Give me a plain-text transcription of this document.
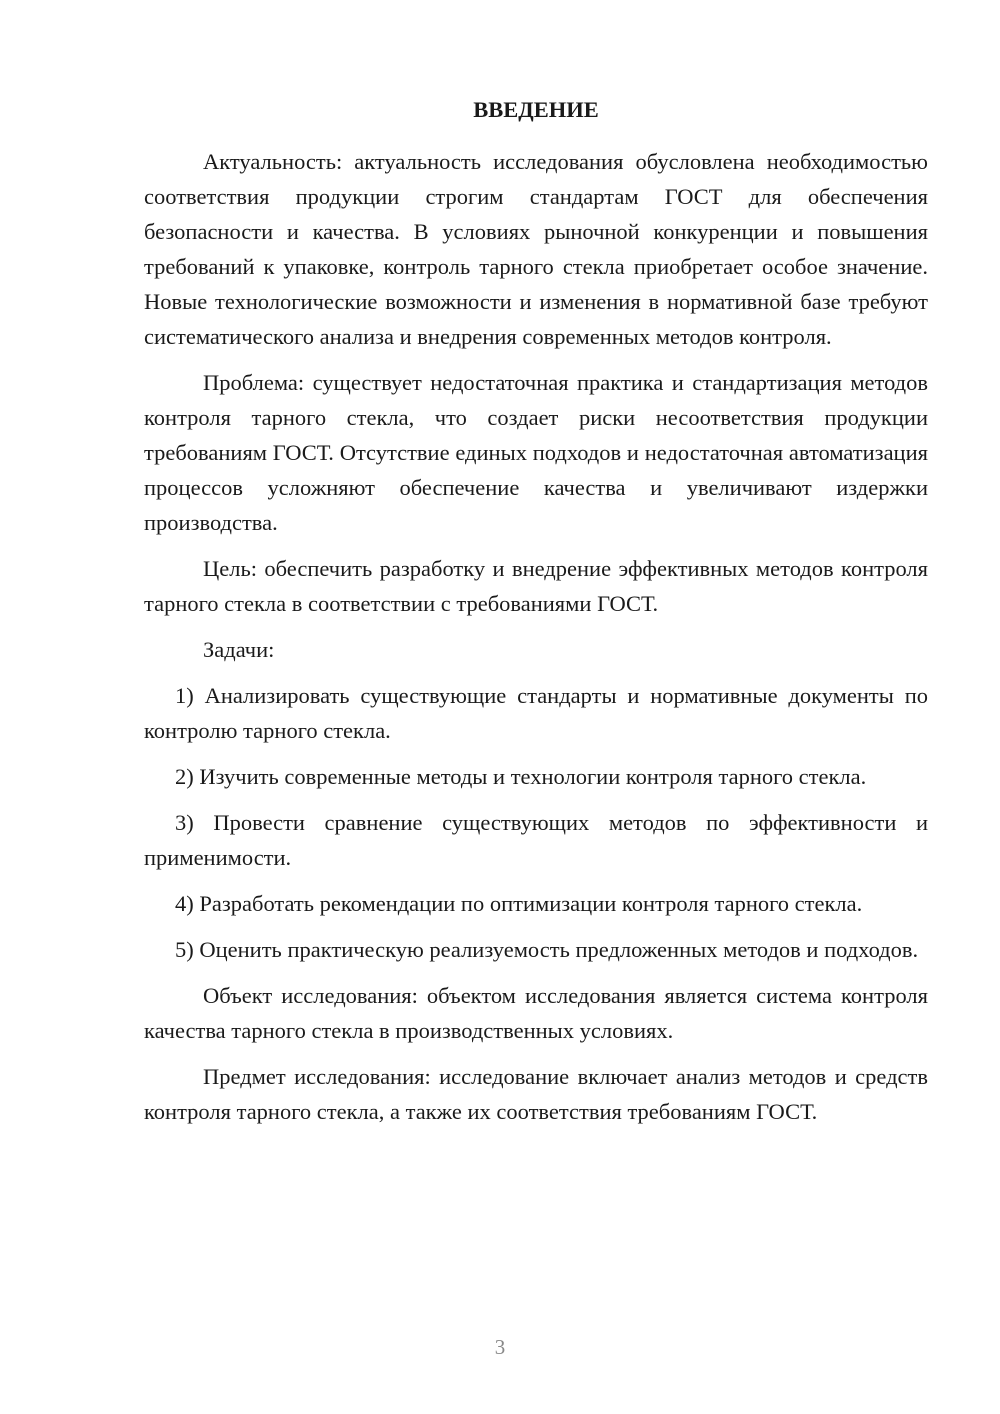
ВВЕДЕНИЕ

Актуальность: актуальность исследования обусловлена необходимостью соответствия продукции строгим стандартам ГОСТ для обеспечения безопасности и качества. В условиях рыночной конкуренции и повышения требований к упаковке, контроль тарного стекла приобретает особое значение. Новые технологические возможности и изменения в нормативной базе требуют систематического анализа и внедрения современных методов контроля.

Проблема: существует недостаточная практика и стандартизация методов контроля тарного стекла, что создает риски несоответствия продукции требованиям ГОСТ. Отсутствие единых подходов и недостаточная автоматизация процессов усложняют обеспечение качества и увеличивают издержки производства.

Цель: обеспечить разработку и внедрение эффективных методов контроля тарного стекла в соответствии с требованиями ГОСТ.

Задачи:

1) Анализировать существующие стандарты и нормативные документы по контролю тарного стекла.

2) Изучить современные методы и технологии контроля тарного стекла.

3) Провести сравнение существующих методов по эффективности и применимости.

4) Разработать рекомендации по оптимизации контроля тарного стекла.

5) Оценить практическую реализуемость предложенных методов и подходов.

Объект исследования: объектом исследования является система контроля качества тарного стекла в производственных условиях.

Предмет исследования: исследование включает анализ методов и средств контроля тарного стекла, а также их соответствия требованиям ГОСТ.

3
